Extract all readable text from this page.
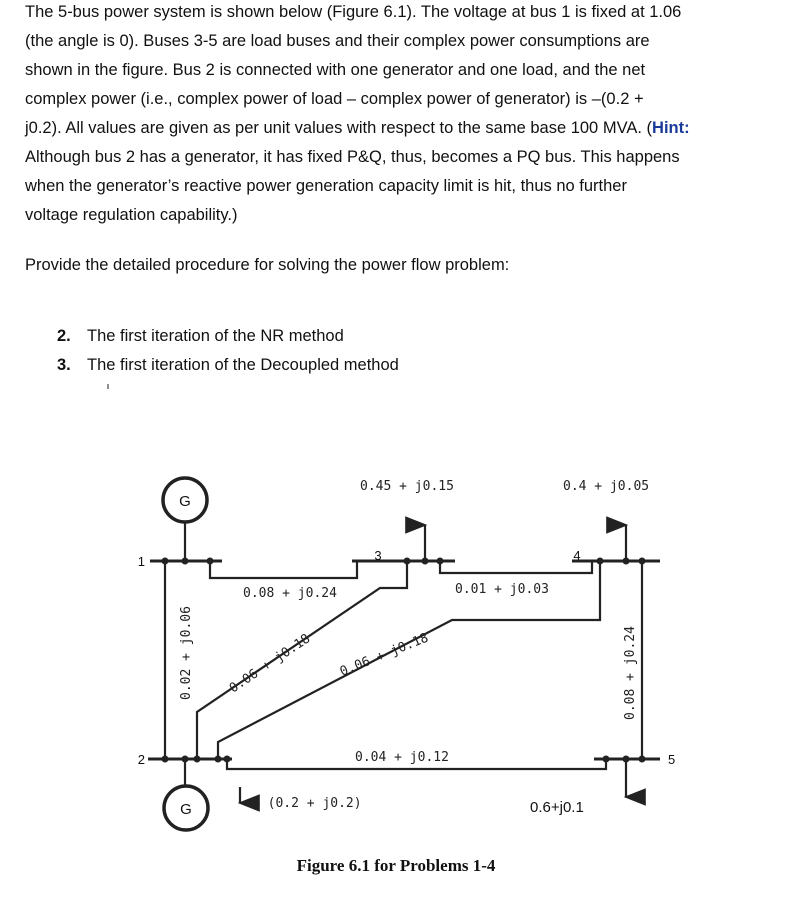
The 5-bus power system is shown below (Figure 6.1). The voltage at bus 1 is fixed at 1.06
(the angle is 0). Buses 3-5 are load buses and their complex power consumptions are
shown in the figure. Bus 2 is connected with one generator and one load, and the net
complex power (i.e., complex power of load – complex power of generator) is –(0.2 +
j0.2). All values are given as per unit values with respect to the same base 100 MVA. (Hint:
Although bus 2 has a generator, it has fixed P&Q, thus, becomes a PQ bus. This happens
when the generator’s reactive power generation capacity limit is hit, thus no further
voltage regulation capability.)
Provide the detailed procedure for solving the power flow problem:
2. The first iteration of the NR method
3. The first iteration of the Decoupled method
G
G
1
2
3	4
5
0.45 + j0.15	0.4 + j0.05
– (0.2 + j0.2)	0.6+j0.1
0.02 + j0.06
0.08 + j0.24
0.06 + j0.18 0.06 + j0.18
0.01 + j0.03
0.04 + j0.12
0.08 + j0.24
Figure 6.1 for Problems 1-4
